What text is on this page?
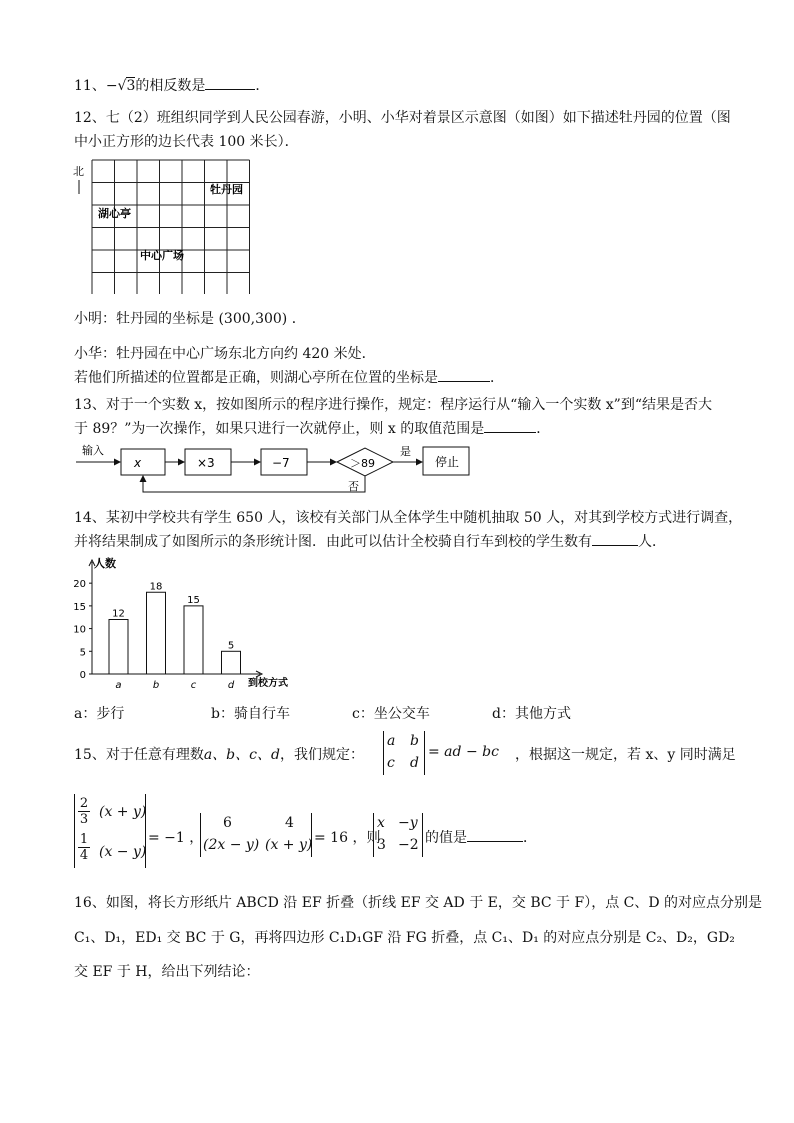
11、−√3的相反数是	．
12、七（2）班组织同学到人民公园春游，小明、小华对着景区示意图（如图）如下描述牡丹园的位置（图
中小正方形的边长代表 100 米长）．
北
牡丹园
湖心亭
中心广场
小明：牡丹园的坐标是 (300,300) ．
小华：牡丹园在中心广场东北方向约 420 米处．
若他们所描述的位置都是正确，则湖心亭所在位置的坐标是	．
13、对于一个实数 x，按如图所示的程序进行操作，规定：程序运行从“输入一个实数 x”到“结果是否大
于 89？”为一次操作，如果只进行一次就停止，则 x 的取值范围是	．
输入
x	×3	−7	＞89
是
停止
否
14、某初中学校共有学生 650 人，该校有关部门从全体学生中随机抽取 50 人，对其到学校方式进行调查，
并将结果制成了如图所示的条形统计图．由此可以估计全校骑自行车到校的学生数有	人．
人数
到校方式
0
5
10
15
20
12
a
18
b
15
c
5
d
a：步行	b：骑自行车	c：坐公交车	d：其他方式
15、对于任意有理数a、b、c、d，我们规定：
a b
c d
= ad − bc ，根据这一规定，若 x、y 同时满足
$\frac{2}{3} (x + y)$
$\frac{1}{4} (x - y)$
= −1 ，
6	4
(2x − y) (x + y) = 16 ，则
x −y
3 −2 的值是	．
16、如图，将长方形纸片 ABCD 沿 EF 折叠（折线 EF 交 AD 于 E，交 BC 于 F），点 C、D 的对应点分别是
C₁、D₁，ED₁ 交 BC 于 G，再将四边形 C₁D₁GF 沿 FG 折叠，点 C₁、D₁ 的对应点分别是 C₂、D₂，GD₂
交 EF 于 H，给出下列结论：
